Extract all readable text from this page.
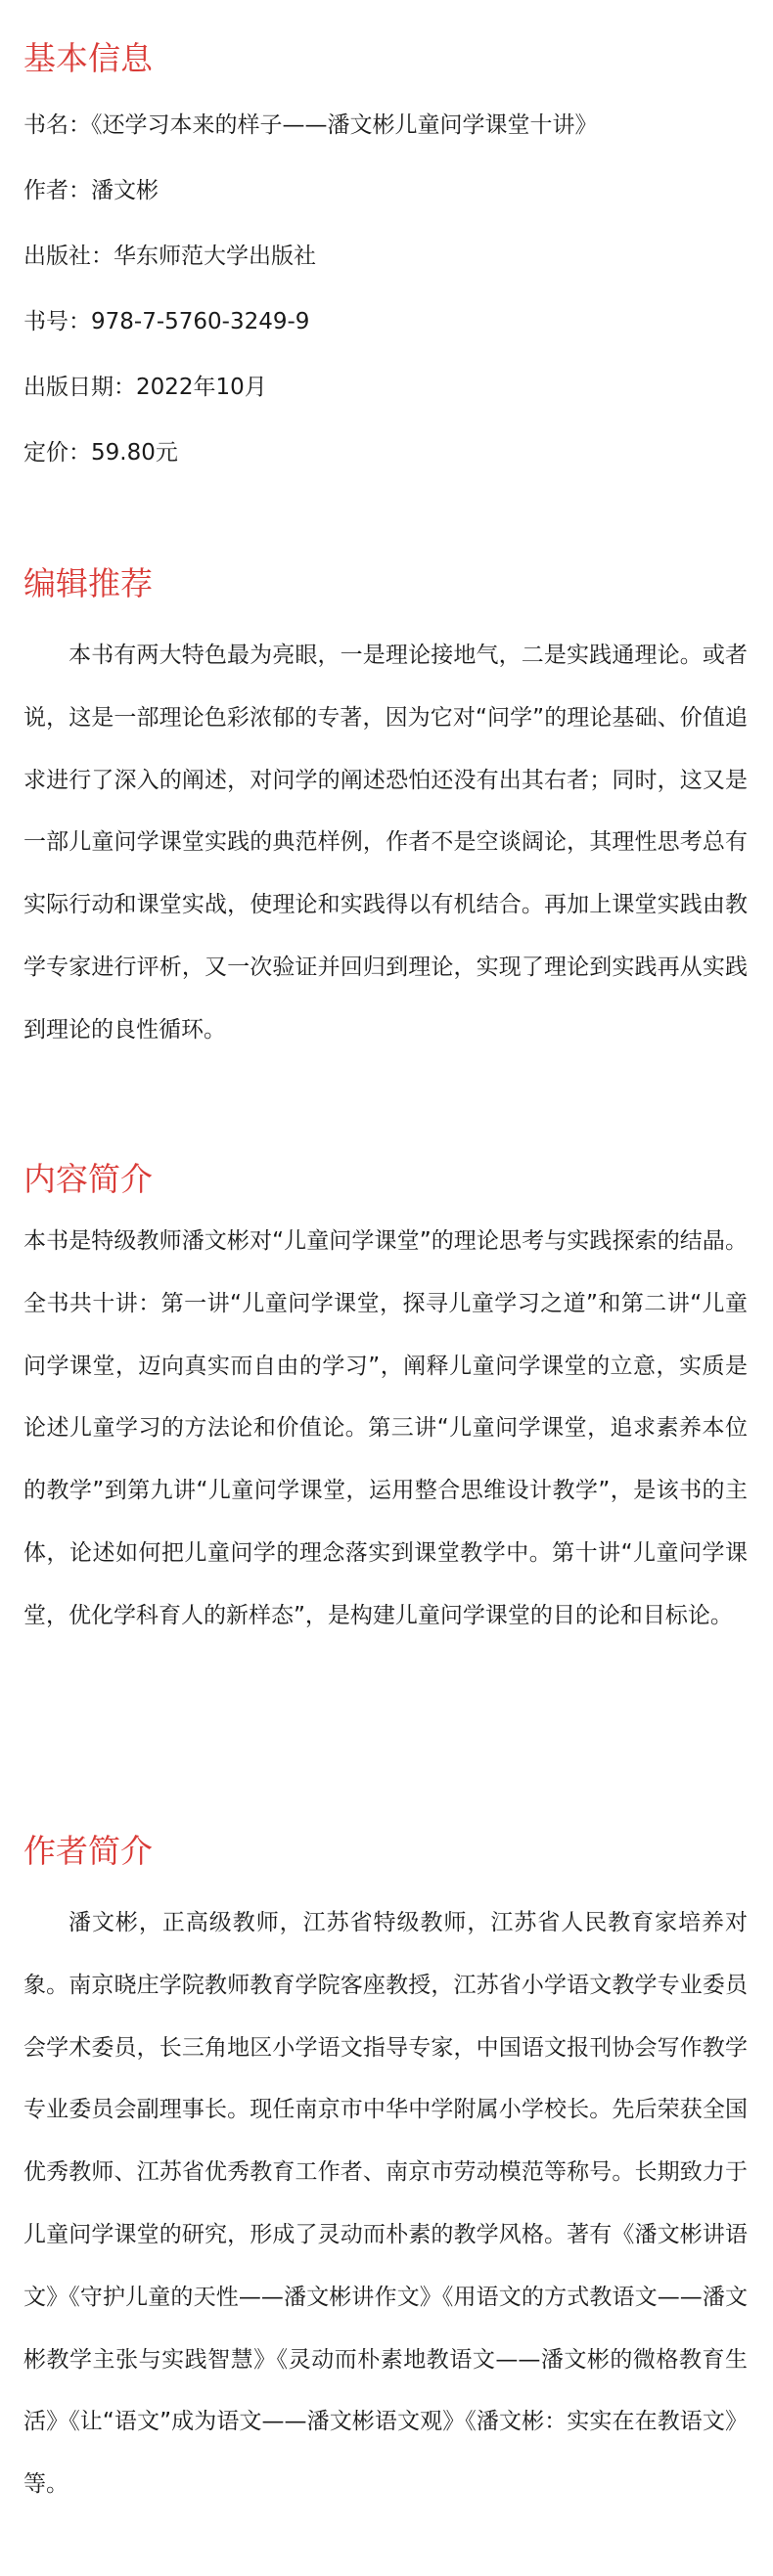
基本信息
书名：《还学习本来的样子——潘文彬儿童问学课堂十讲》
作者：潘文彬
出版社：华东师范大学出版社
书号：978-7-5760-3249-9
出版日期：2022年10月
定价：59.80元
编辑推荐

本书有两大特色最为亮眼，一是理论接地气，二是实践通理论。或者说，这是一部理论色彩浓郁的专著，因为它对“问学”的理论基础、价值追求进行了深入的阐述，对问学的阐述恐怕还没有出其右者；同时，这又是一部儿童问学课堂实践的典范样例，作者不是空谈阔论，其理性思考总有实际行动和课堂实战，使理论和实践得以有机结合。再加上课堂实践由教学专家进行评析，又一次验证并回归到理论，实现了理论到实践再从实践到理论的良性循环。

内容简介

本书是特级教师潘文彬对“儿童问学课堂”的理论思考与实践探索的结晶。全书共十讲：第一讲“儿童问学课堂，探寻儿童学习之道”和第二讲“儿童问学课堂，迈向真实而自由的学习”，阐释儿童问学课堂的立意，实质是论述儿童学习的方法论和价值论。第三讲“儿童问学课堂，追求素养本位的教学”到第九讲“儿童问学课堂，运用整合思维设计教学”，是该书的主体，论述如何把儿童问学的理念落实到课堂教学中。第十讲“儿童问学课堂，优化学科育人的新样态”，是构建儿童问学课堂的目的论和目标论。

作者简介

潘文彬，正高级教师，江苏省特级教师，江苏省人民教育家培养对象。南京晓庄学院教师教育学院客座教授，江苏省小学语文教学专业委员会学术委员，长三角地区小学语文指导专家，中国语文报刊协会写作教学专业委员会副理事长。现任南京市中华中学附属小学校长。先后荣获全国优秀教师、江苏省优秀教育工作者、南京市劳动模范等称号。长期致力于儿童问学课堂的研究，形成了灵动而朴素的教学风格。著有《潘文彬讲语文》《守护儿童的天性——潘文彬讲作文》《用语文的方式教语文——潘文彬教学主张与实践智慧》《灵动而朴素地教语文——潘文彬的微格教育生活》《让“语文”成为语文——潘文彬语文观》《潘文彬：实实在在教语文》等。
